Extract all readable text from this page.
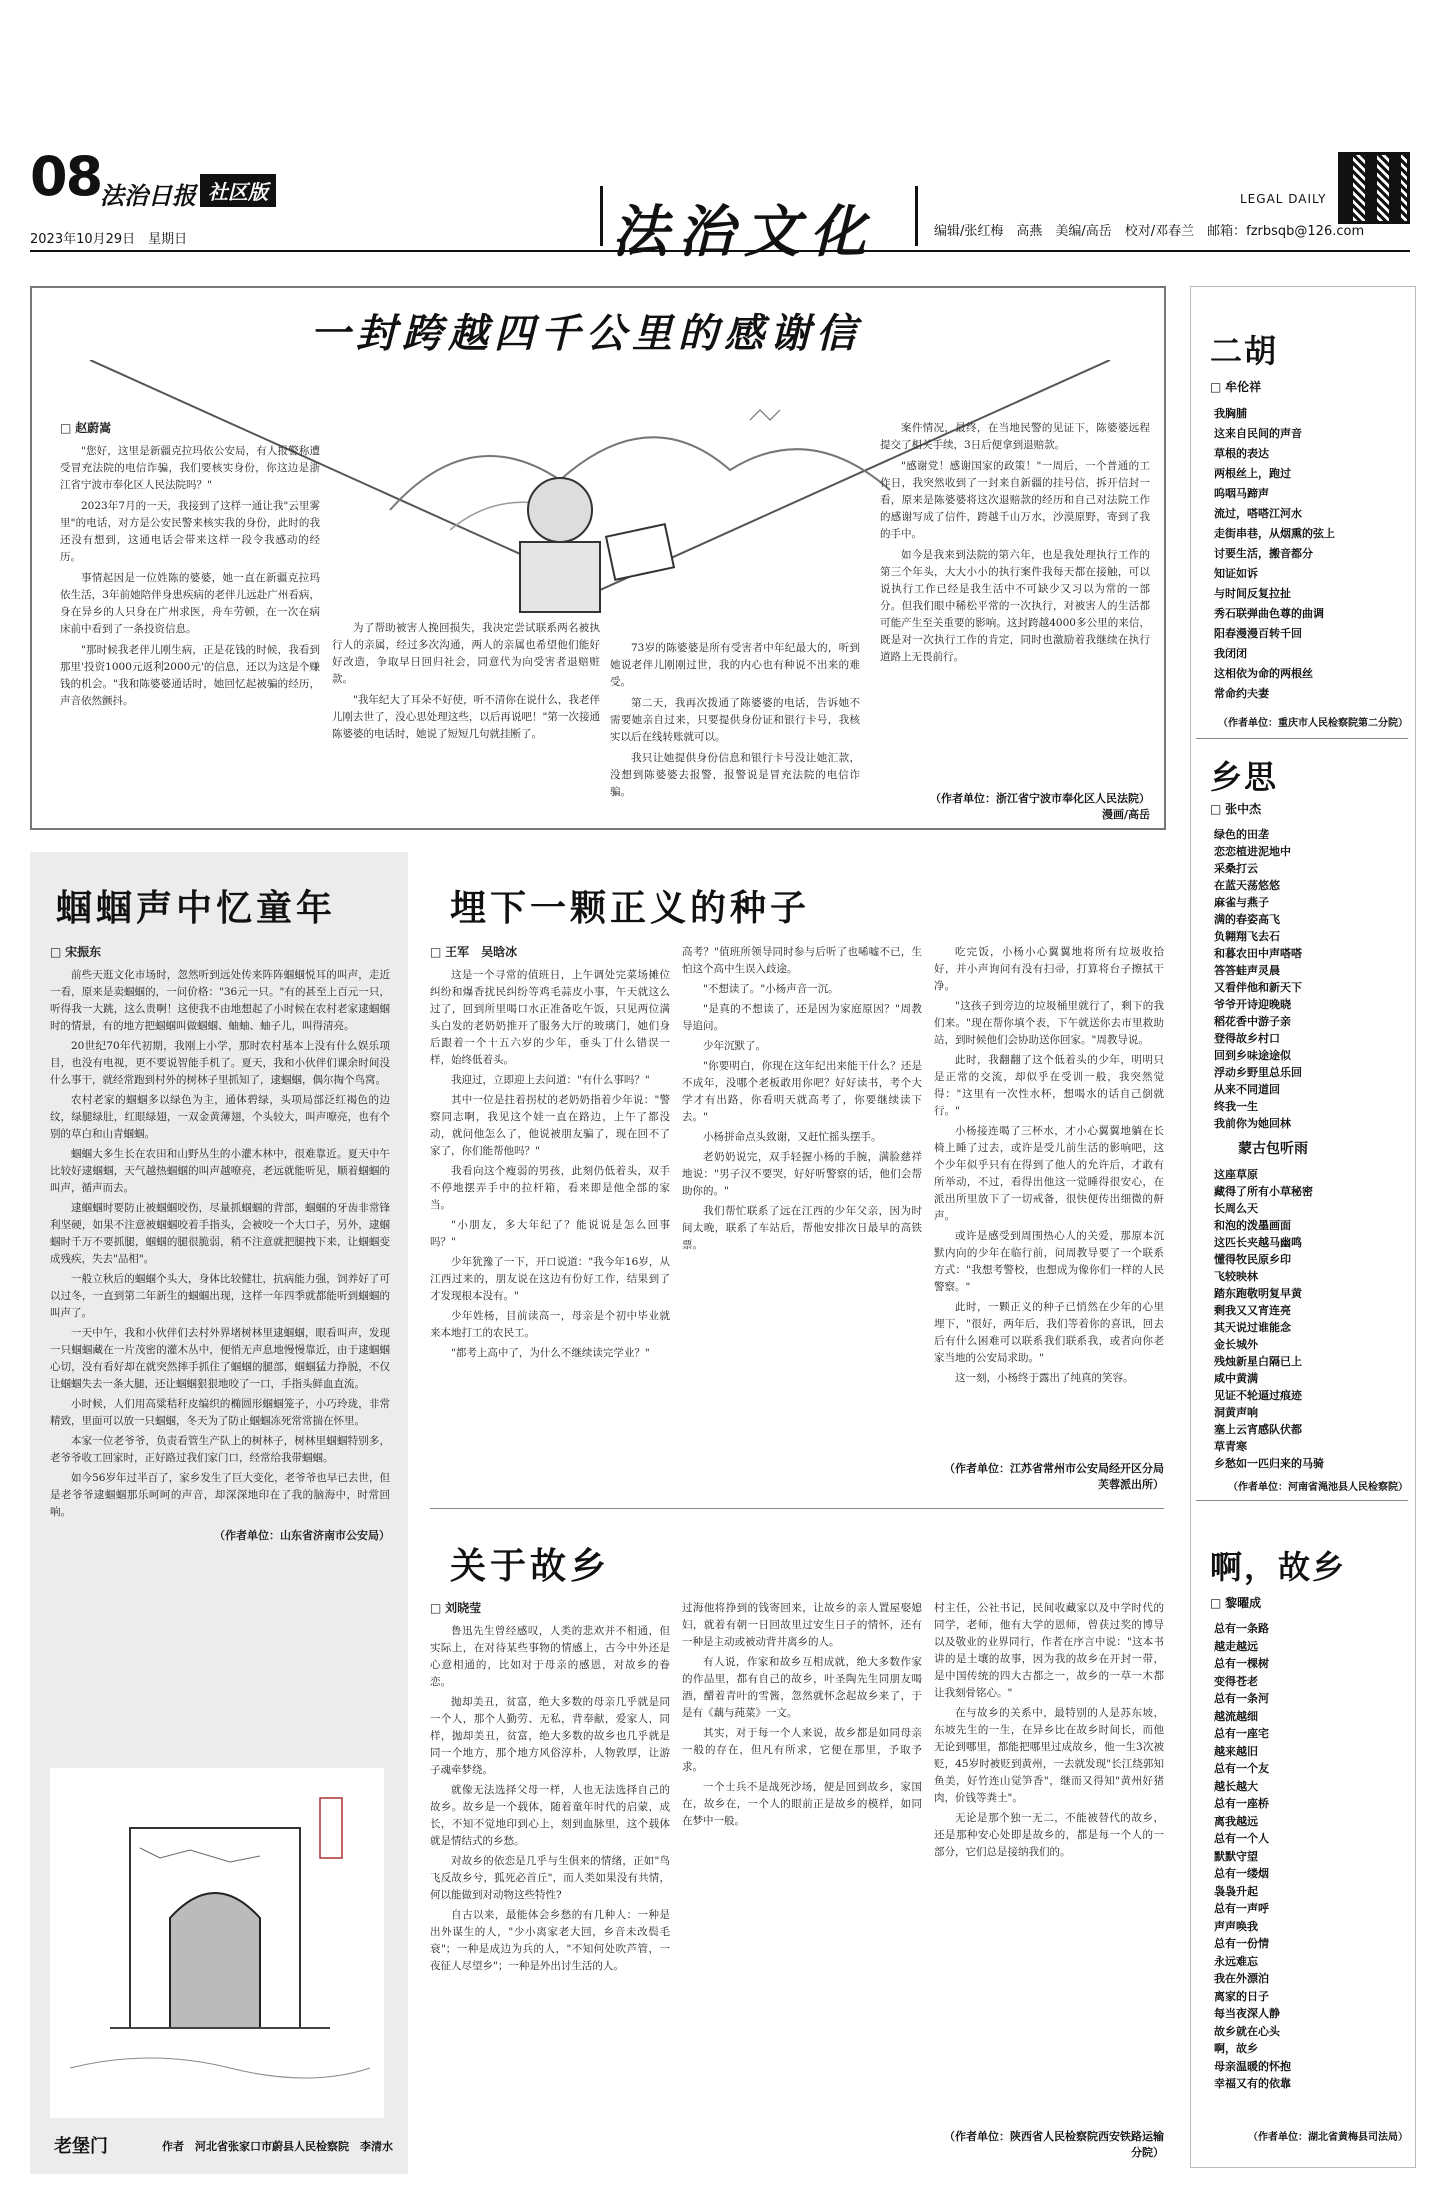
08
法治日报 社区版
2023年10月29日　星期日	法治文化	LEGAL DAILY
编辑/张红梅　高燕　美编/高岳　校对/邓春兰　邮箱：fzrbsqb@126.com
一封跨越四千公里的感谢信

□ 赵蔚嵩

"您好，这里是新疆克拉玛依公安局，有人报警称遭受冒充法院的电信诈骗，我们要核实身份，你这边是浙江省宁波市奉化区人民法院吗？"

2023年7月的一天，我接到了这样一通让我"云里雾里"的电话，对方是公安民警来核实我的身份，此时的我还没有想到，这通电话会带来这样一段令我感动的经历。

事情起因是一位姓陈的婆婆，她一直在新疆克拉玛依生活，3年前她陪伴身患疾病的老伴儿远赴广州看病，身在异乡的人只身在广州求医，舟车劳顿，在一次在病床前中看到了一条投资信息。

"那时候我老伴儿刚生病，正是花钱的时候，我看到那里'投资1000元返利2000元'的信息，还以为这是个赚钱的机会。"我和陈婆婆通话时，她回忆起被骗的经历，声音依然颤抖。

为了帮助被害人挽回损失，我决定尝试联系两名被执行人的亲属，经过多次沟通，两人的亲属也希望他们能好好改造，争取早日回归社会，同意代为向受害者退赔赃款。

"我年纪大了耳朵不好使，听不清你在说什么，我老伴儿刚去世了，没心思处理这些，以后再说吧！"第一次接通陈婆婆的电话时，她说了短短几句就挂断了。

73岁的陈婆婆是所有受害者中年纪最大的，听到她说老伴儿刚刚过世，我的内心也有种说不出来的难受。

第二天，我再次拨通了陈婆婆的电话，告诉她不需要她亲自过来，只要提供身份证和银行卡号，我核实以后在线转账就可以。

我只让她提供身份信息和银行卡号没让她汇款，没想到陈婆婆去报警，报警说是冒充法院的电信诈骗。

案件情况，最终，在当地民警的见证下，陈婆婆远程提交了相关手续，3日后便拿到退赔款。

"感谢党！感谢国家的政策！"一周后，一个普通的工作日，我突然收到了一封来自新疆的挂号信，拆开信封一看，原来是陈婆婆将这次退赔款的经历和自己对法院工作的感谢写成了信件，跨越千山万水，沙漠原野，寄到了我的手中。

如今是我来到法院的第六年，也是我处理执行工作的第三个年头，大大小小的执行案件我每天都在接触，可以说执行工作已经是我生活中不可缺少又习以为常的一部分。但我们眼中稀松平常的一次执行，对被害人的生活都可能产生至关重要的影响。这封跨越4000多公里的来信，既是对一次执行工作的肯定，同时也激励着我继续在执行道路上无畏前行。

（作者单位：浙江省宁波市奉化区人民法院）
漫画/高岳
蝈蝈声中忆童年

□ 宋振东

前些天逛文化市场时，忽然听到远处传来阵阵蝈蝈悦耳的叫声，走近一看，原来是卖蝈蝈的，一问价格："36元一只。"有的甚至上百元一只，听得我一大跳，这么贵啊！这使我不由地想起了小时候在农村老家逮蝈蝈时的情景，有的地方把蝈蝈叫做蝈蝈、蚰蚰、蚰子儿，叫得清亮。

20世纪70年代初期，我刚上小学，那时农村基本上没有什么娱乐项目，也没有电视，更不要说智能手机了。夏天，我和小伙伴们课余时间没什么事干，就经常跑到村外的树林子里抓知了，逮蝈蝈，偶尔掏个鸟窝。

农村老家的蝈蝈多以绿色为主，通体碧绿，头项局部泛红褐色的边纹，绿腿绿肚，红眼绿翅，一双金黄薄翅，个头较大，叫声嘹亮，也有个别的草白和山青蝈蝈。

蝈蝈大多生长在农田和山野丛生的小灌木林中，很难靠近。夏天中午比较好逮蝈蝈，天气越热蝈蝈的叫声越嘹亮，老远就能听见，顺着蝈蝈的叫声，循声而去。

逮蝈蝈时要防止被蝈蝈咬伤，尽量抓蝈蝈的背部，蝈蝈的牙齿非常锋利坚硬，如果不注意被蝈蝈咬着手指头，会被咬一个大口子，另外，逮蝈蝈时千万不要抓腿，蝈蝈的腿很脆弱，稍不注意就把腿拽下来，让蝈蝈变成残疾，失去"品相"。

一般立秋后的蝈蝈个头大，身体比较健壮，抗病能力强，饲养好了可以过冬，一直到第二年新生的蝈蝈出现，这样一年四季就都能听到蝈蝈的叫声了。

一天中午，我和小伙伴们去村外界堵树林里逮蝈蝈，眼看叫声，发现一只蝈蝈藏在一片茂密的灌木丛中，便悄无声息地慢慢靠近，由于逮蝈蝈心切，没有看好却在就突然摔手抓住了蝈蝈的腿部，蝈蝈猛力挣脱，不仅让蝈蝈失去一条大腿，还让蝈蝈狠狠地咬了一口，手指头鲜血直流。

小时候，人们用高粱秸秆皮编织的椭圆形蝈蝈笼子，小巧玲珑，非常精致，里面可以放一只蝈蝈，冬天为了防止蝈蝈冻死常常揣在怀里。

本家一位老爷爷，负责看管生产队上的树林子，树林里蝈蝈特别多，老爷爷收工回家时，正好路过我们家门口，经常给我带蝈蝈。

如今56岁年过半百了，家乡发生了巨大变化，老爷爷也早已去世，但是老爷爷逮蝈蝈那乐呵呵的声音，却深深地印在了我的脑海中，时常回响。

（作者单位：山东省济南市公安局）

老堡门	作者　河北省张家口市蔚县人民检察院　李清水
埋下一颗正义的种子

□ 王军　吴晗冰

这是一个寻常的值班日，上午调处完菜场摊位纠纷和爆香扰民纠纷等鸡毛蒜皮小事，午天就这么过了，回到所里喝口水正准备吃午饭，只见两位满头白发的老奶奶推开了服务大厅的玻璃门，她们身后跟着一个十五六岁的少年，垂头丁什么错误一样，始终低着头。

我迎过，立即迎上去问道："有什么事吗？"

其中一位是拄着拐杖的老奶奶指着少年说："警察同志啊，我见这个娃一直在路边，上午了都没动，就问他怎么了，他说被朋友骗了，现在回不了家了，你们能帮他吗？"

我看向这个瘦弱的男孩，此刻仍低着头，双手不停地摆弄手中的拉杆箱，看来即是他全部的家当。

"小朋友，多大年纪了？能说说是怎么回事吗？"

少年犹豫了一下，开口说道："我今年16岁，从江西过来的，朋友说在这边有份好工作，结果到了才发现根本没有。"

少年姓杨，目前读高一，母亲是个初中毕业就来本地打工的农民工。

"都考上高中了，为什么不继续读完学业？"

高考？"值班所领导同时参与后听了也唏嘘不已，生怕这个高中生误入歧途。

"不想读了。"小杨声音一沉。

"是真的不想读了，还是因为家庭原因？"周教导追问。

少年沉默了。

"你要明白，你现在这年纪出来能干什么？还是不成年，没哪个老板敢用你吧？好好读书，考个大学才有出路，你看明天就高考了，你要继续读下去。"

小杨拼命点头致谢，又赶忙摇头摆手。

老奶奶说完，双手轻握小杨的手腕，满脸慈祥地说："男子汉不要哭，好好听警察的话，他们会帮助你的。"

我们帮忙联系了远在江西的少年父亲，因为时间太晚，联系了车站后，帮他安排次日最早的高铁票。

吃完饭，小杨小心翼翼地将所有垃圾收拾好，并小声询问有没有扫帚，打算将台子擦拭干净。

"这孩子到旁边的垃圾桶里就行了，剩下的我们来。"现在帮你填个表，下午就送你去市里救助站，到时候他们会协助送你回家。"周教导说。

此时，我翻翻了这个低着头的少年，明明只是正常的交流，却似乎在受训一般，我突然觉得："这里有一次性水杯，想喝水的话自己倒就行。"

小杨接连喝了三杯水，才小心翼翼地躺在长椅上睡了过去，或许是受儿前生活的影响吧，这个少年似乎只有在得到了他人的允许后，才敢有所举动，不过，看得出他这一觉睡得很安心，在派出所里放下了一切戒备，很快便传出细微的鼾声。

或许是感受到周围热心人的关爱，那原本沉默内向的少年在临行前，问周教导要了一个联系方式："我想考警校，也想成为像你们一样的人民警察。"

此时，一颗正义的种子已悄然在少年的心里埋下，"很好，两年后，我们等着你的喜讯，回去后有什么困难可以联系我们联系我，或者向你老家当地的公安局求助。"

这一刻，小杨终于露出了纯真的笑容。

（作者单位：江苏省常州市公安局经开区分局芙蓉派出所）
关于故乡

□ 刘晓莹

鲁迅先生曾经感叹，人类的悲欢并不相通，但实际上，在对待某些事物的情感上，古今中外还是心意相通的，比如对于母亲的感恩，对故乡的眷恋。

抛却美丑，贫富，绝大多数的母亲几乎就是同一个人，那个人勤劳、无私，背奉献，爱家人，同样，抛却美丑，贫富，绝大多数的故乡也几乎就是同一个地方，那个地方风俗淳朴，人物敦厚，让游子魂牵梦绕。

就像无法选择父母一样，人也无法选择自己的故乡。故乡是一个载体，随着童年时代的启蒙，成长，不知不觉地印到心上，刻到血脉里，这个载体就是情结式的乡愁。

对故乡的依恋是几乎与生俱来的情绪，正如"鸟飞反故乡兮，狐死必首丘"，而人类如果没有共情，何以能做到对动物这些特性?

自古以来，最能体会乡愁的有几种人：一种是出外谋生的人，"少小离家老大回，乡音未改鬓毛衰"；一种是成边为兵的人，"不知何处吹芦管，一夜征人尽望乡"；一种是外出讨生活的人。

过海他将挣到的钱寄回来，让故乡的亲人置屋娶媳妇，就着有朝一日回故里过安生日子的情怀，还有一种是主动或被动背井离乡的人。

有人说，作家和故乡互相成就，绝大多数作家的作品里，都有自己的故乡，叶圣陶先生同朋友喝酒，醋着青叶的雪酱，忽然就怀念起故乡来了，于是有《藕与莼菜》一文。

其实，对于每一个人来说，故乡都是如同母亲一般的存在，但凡有所求，它便在那里，予取予求。

一个士兵不是战死沙场，便是回到故乡，家国在，故乡在，一个人的眼前正是故乡的模样，如同在梦中一般。

村主任，公社书记，民间收藏家以及中学时代的同学，老师，他有大学的恩师，曾获过奖的博导以及敬业的业界同行，作者在序言中说："这本书讲的是土壤的故事，因为我的故乡在开封一带，是中国传统的四大古都之一，故乡的一草一木都让我刻骨铭心。"

在与故乡的关系中，最特别的人是苏东坡，东坡先生的一生，在异乡比在故乡时间长，而他无论到哪里，都能把哪里过成故乡，他一生3次被贬，45岁时被贬到黄州，一去就发现"长江绕郭知鱼美，好竹连山觉笋香"，继而又得知"黄州好猪肉，价钱等粪土"。

无论是那个独一无二，不能被替代的故乡，还是那种安心处即是故乡的，都是每一个人的一部分，它们总是接纳我们的。

（作者单位：陕西省人民检察院西安铁路运输分院）
二胡
□ 牟伦祥
我胸脯
这来自民间的声音
草根的表达
两根丝上，跑过
呜咽马蹄声
流过，嗒嗒江河水
走街串巷，从烟熏的弦上
讨要生活，搬音都分
知证如诉
与时间反复拉扯
秀石联弹曲色尊的曲调
阳春漫漫百转千回
我闭闭
这相依为命的两根丝
常命约夫妻
（作者单位：重庆市人民检察院第二分院）
乡思
□ 张中杰
绿色的田垄
恋恋植进泥地中
采桑打云
在蓝天荡悠悠
麻雀与燕子
满的春姿高飞
负翱翔飞去石
和暮农田中声嗒嗒
答答蛙声灵晨
又看伴他和新天下
爷爷开诗迎晚晓
稻花香中游子亲
登得故乡村口
回到乡味途途似
浮动乡野里总乐回
从来不同道回
终我一生
我前你为她回林
蒙古包听雨
这座草原
藏得了所有小草秘密
长周么天
和泡的泼墨画面
这匹长夹越马幽鸣
懂得牧民原乡印
飞较映林
踏东跑敬明复早黄
剩我又又宵连亮
其天说过谁能念
金长城外
残烛新星白隔已上
咸中黄满
见证不轮逼过痕迹
洞黄声响
塞上云宵感队伏都
草青寒
乡愁如一匹归来的马骑
（作者单位：河南省渑池县人民检察院）
啊，故乡
□ 黎曜成
总有一条路
越走越远
总有一棵树
变得苍老
总有一条河
越流越细
总有一座宅
越来越旧
总有一个友
越长越大
总有一座桥
离我越远
总有一个人
默默守望
总有一缕烟
袅袅升起
总有一声呼
声声唤我
总有一份情
永远难忘
我在外漂泊
离家的日子
每当夜深人静
故乡就在心头
啊，故乡
母亲温暖的怀抱
幸福又有的依靠
（作者单位：湖北省黄梅县司法局）
